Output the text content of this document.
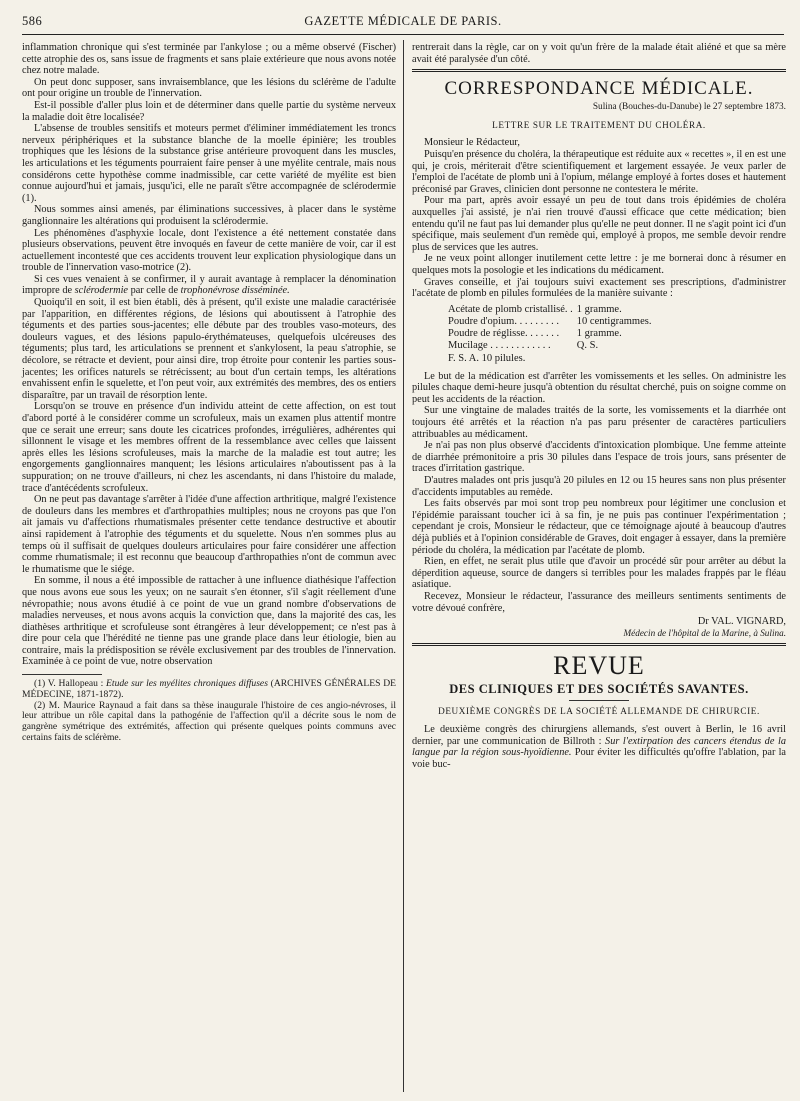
586	GAZETTE MÉDICALE DE PARIS.

inflammation chronique qui s'est terminée par l'ankylose ; ou a même observé (Fischer) cette atrophie des os, sans issue de fragments et sans plaie extérieure que nous avons notée chez notre malade.

On peut donc supposer, sans invraisemblance, que les lésions du sclérème de l'adulte ont pour origine un trouble de l'innervation.

Est-il possible d'aller plus loin et de déterminer dans quelle partie du système nerveux la maladie doit être localisée?

L'absense de troubles sensitifs et moteurs permet d'éliminer immédiatement les troncs nerveux périphériques et la substance blanche de la moelle épinière; les troubles trophiques que les lésions de la substance grise antérieure provoquent dans les muscles, les articulations et les téguments pourraient faire penser à une myélite centrale, mais nous considérons cette hypothèse comme inadmissible, car cette variété de myélite est bien connue aujourd'hui et jamais, jusqu'ici, elle ne paraît s'être accompagnée de sclérodermie (1).

Nous sommes ainsi amenés, par éliminations successives, à placer dans le système ganglionnaire les altérations qui produisent la sclérodermie.

Les phénomènes d'asphyxie locale, dont l'existence a été nettement constatée dans plusieurs observations, peuvent être invoqués en faveur de cette manière de voir, car il est actuellement incontesté que ces accidents trouvent leur explication physiologique dans un trouble de l'innervation vaso-motrice (2).

Si ces vues venaient à se confirmer, il y aurait avantage à remplacer la dénomination impropre de sclérodermie par celle de trophonévrose disséminée.

Quoiqu'il en soit, il est bien établi, dès à présent, qu'il existe une maladie caractérisée par l'apparition, en différentes régions, de lésions qui aboutissent à l'atrophie des téguments et des parties sous-jacentes; elle débute par des troubles vaso-moteurs, des douleurs vagues, et des lésions papulo-érythémateuses, quelquefois ulcéreuses des téguments; plus tard, les articulations se prennent et s'ankylosent, la peau s'atrophie, se décolore, se rétracte et devient, pour ainsi dire, trop étroite pour contenir les parties sous-jacentes; les orifices naturels se rétrécissent; au bout d'un certain temps, les altérations envahissent enfin le squelette, et l'on peut voir, aux extrémités des membres, des os entiers disparaître, par un travail de résorption lente.

Lorsqu'on se trouve en présence d'un individu atteint de cette affection, on est tout d'abord porté à le considérer comme un scrofuleux, mais un examen plus attentif montre que ce serait une erreur; sans doute les cicatrices profondes, irrégulières, adhérentes qui sillonnent le visage et les membres offrent de la ressemblance avec celles que laissent après elles les lésions scrofuleuses, mais la marche de la maladie est tout autre; les engorgements ganglionnaires manquent; les lésions articulaires n'aboutissent pas à la suppuration; on ne trouve d'ailleurs, ni chez les ascendants, ni dans l'histoire du malade, trace d'antécédents scrofuleux.

On ne peut pas davantage s'arrêter à l'idée d'une affection arthritique, malgré l'existence de douleurs dans les membres et d'arthropathies multiples; nous ne croyons pas que l'on ait jamais vu d'affections rhumatismales présenter cette tendance destructive et aboutir ainsi rapidement à l'atrophie des téguments et du squelette. Nous n'en sommes plus au temps où il suffisait de quelques douleurs articulaires pour faire considérer une affection comme rhumatismale; il est reconnu que beaucoup d'arthropathies n'ont de commun avec le rhumatisme que le siége.

En somme, il nous a été impossible de rattacher à une influence diathésique l'affection que nous avons eue sous les yeux; on ne saurait s'en étonner, s'il s'agit réellement d'une névropathie; nous avons étudié à ce point de vue un grand nombre d'observations de maladies nerveuses, et nous avons acquis la conviction que, dans la majorité des cas, les diathèses arthritique et scrofuleuse sont étrangères à leur développement; ce n'est pas à dire pour cela que l'hérédité ne tienne pas une grande place dans leur étiologie, bien au contraire, mais la prédisposition se révèle exclusivement par des troubles de l'innervation. Examinée à ce point de vue, notre observation

(1) V. Hallopeau : Etude sur les myélites chroniques diffuses (ARCHIVES GÉNÉRALES DE MÉDECINE, 1871-1872).

(2) M. Maurice Raynaud a fait dans sa thèse inaugurale l'histoire de ces angio-névroses, il leur attribue un rôle capital dans la pathogénie de l'affection qu'il a décrite sous le nom de gangrène symétrique des extrémités, affection qui présente quelques points communs avec certains faits de sclérème.

rentrerait dans la règle, car on y voit qu'un frère de la malade était aliéné et que sa mère avait été paralysée d'un côté.

CORRESPONDANCE MÉDICALE.
Sulina (Bouches-du-Danube) le 27 septembre 1873.
LETTRE SUR LE TRAITEMENT DU CHOLÉRA.

Monsieur le Rédacteur,

Puisqu'en présence du choléra, la thérapeutique est réduite aux « recettes », il en est une qui, je crois, mériterait d'être scientifiquement et largement essayée. Je veux parler de l'emploi de l'acétate de plomb uni à l'opium, mélange employé à fortes doses et hautement préconisé par Graves, clinicien dont personne ne contestera le mérite.

Pour ma part, après avoir essayé un peu de tout dans trois épidémies de choléra auxquelles j'ai assisté, je n'ai rien trouvé d'aussi efficace que cette médication; bien entendu qu'il ne faut pas lui demander plus qu'elle ne peut donner. Il ne s'agit point ici d'un spécifique, mais seulement d'un remède qui, employé à propos, me semble devoir rendre plus de services que les autres.

Je ne veux point allonger inutilement cette lettre : je me bornerai donc à résumer en quelques mots la posologie et les indications du médicament.

Graves conseille, et j'ai toujours suivi exactement ses prescriptions, d'administrer l'acétate de plomb en pilules formulées de la manière suivante :

Acétate de plomb cristallisé. .	1 gramme.
Poudre d'opium. . . . . . . . .	10 centigrammes.
Poudre de réglisse. . . . . . .	1 gramme.
Mucilage . . . . . . . . . . . .	Q. S.
F. S. A. 10 pilules.	

Le but de la médication est d'arrêter les vomissements et les selles. On administre les pilules chaque demi-heure jusqu'à obtention du résultat cherché, puis on soigne comme on peut les accidents de la réaction.

Sur une vingtaine de malades traités de la sorte, les vomissements et la diarrhée ont toujours été arrêtés et la réaction n'a pas paru présenter de caractères particuliers attribuables au médicament.

Je n'ai pas non plus observé d'accidents d'intoxication plombique. Une femme atteinte de diarrhée prémonitoire a pris 30 pilules dans l'espace de trois jours, sans présenter de traces d'irritation gastrique.

D'autres malades ont pris jusqu'à 20 pilules en 12 ou 15 heures sans non plus présenter d'accidents imputables au remède.

Les faits observés par moi sont trop peu nombreux pour légitimer une conclusion et l'épidémie paraissant toucher ici à sa fin, je ne puis pas continuer l'expérimentation ; cependant je crois, Monsieur le rédacteur, que ce témoignage ajouté à beaucoup d'autres déjà publiés et à l'opinion considérable de Graves, doit engager à essayer, dans la première période du choléra, la médication par l'acétate de plomb.

Rien, en effet, ne serait plus utile que d'avoir un procédé sûr pour arrêter au début la déperdition aqueuse, source de dangers si terribles pour les malades frappés par le fléau asiatique.

Recevez, Monsieur le rédacteur, l'assurance des meilleurs sentiments sentiments de votre dévoué confrère,

Dr VAL. VIGNARD,
Médecin de l'hôpital de la Marine, à Sulina.
REVUE
DES CLINIQUES ET DES SOCIÉTÉS SAVANTES.
DEUXIÈME CONGRÈS DE LA SOCIÉTÉ ALLEMANDE DE CHIRURCIE.

Le deuxième congrès des chirurgiens allemands, s'est ouvert à Berlin, le 16 avril dernier, par une communication de Billroth : Sur l'extirpation des cancers étendus de la langue par la région sous-hyoïdienne. Pour éviter les difficultés qu'offre l'ablation, par la voie buc-
